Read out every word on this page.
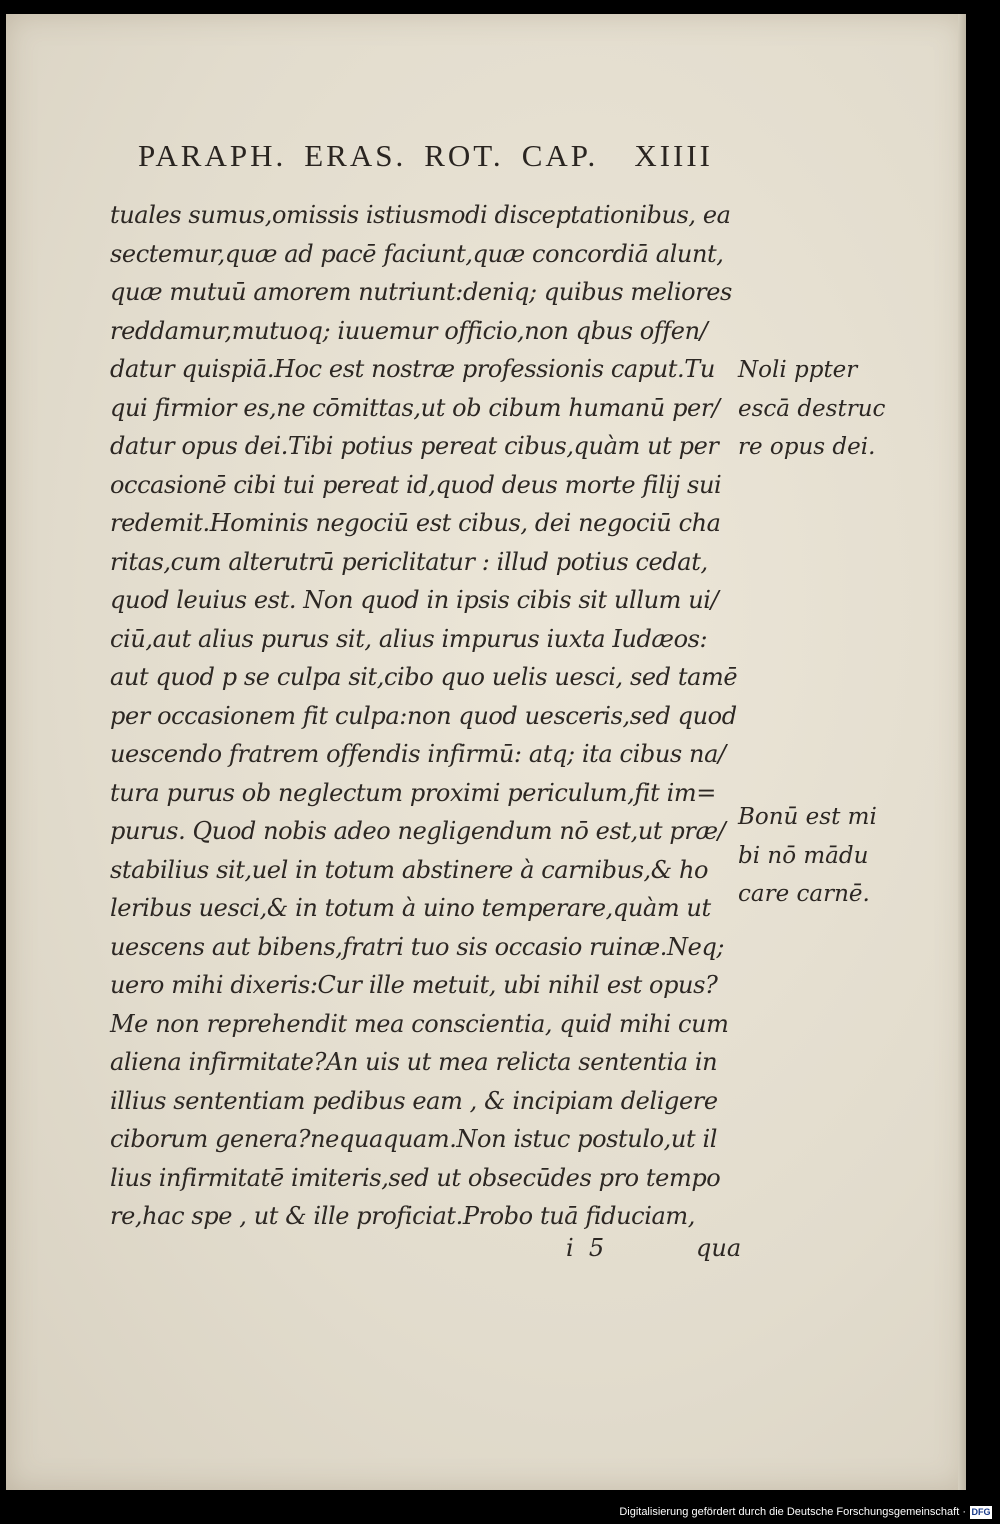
PARAPH. ERAS. ROT. CAP. XIIII
tuales sumus,omissis istiusmodi disceptationibus, ea
sectemur,quæ ad pacē faciunt,quæ concordiā alunt,
quæ mutuū amorem nutriunt:deniq; quibus meliores
reddamur,mutuoq; iuuemur officio,non qbus offen/
datur quispiā.Hoc est nostræ professionis caput.Tu
qui firmior es,ne cōmittas,ut ob cibum humanū per/
datur opus dei.Tibi potius pereat cibus,quàm ut per
occasionē cibi tui pereat id,quod deus morte filij sui
redemit.Hominis negociū est cibus, dei negociū cha
ritas,cum alterutrū periclitatur : illud potius cedat,
quod leuius est. Non quod in ipsis cibis sit ullum ui/
ciū,aut alius purus sit, alius impurus iuxta Iudæos:
aut quod p se culpa sit,cibo quo uelis uesci, sed tamē
per occasionem fit culpa:non quod uesceris,sed quod
uescendo fratrem offendis infirmū: atq; ita cibus na/
tura purus ob neglectum proximi periculum,fit im=
purus. Quod nobis adeo negligendum nō est,ut præ/
stabilius sit,uel in totum abstinere à carnibus,& ho
leribus uesci,& in totum à uino temperare,quàm ut
uescens aut bibens,fratri tuo sis occasio ruinæ.Neq;
uero mihi dixeris:Cur ille metuit, ubi nihil est opus?
Me non reprehendit mea conscientia, quid mihi cum
aliena infirmitate?An uis ut mea relicta sententia in
illius sententiam pedibus eam , & incipiam deligere
ciborum genera?nequaquam.Non istuc postulo,ut il
lius infirmitatē imiteris,sed ut obsecūdes pro tempo
re,hac spe , ut & ille proficiat.Probo tuā fiduciam,
Noli ppter
escā destruc
re opus dei.
Bonū est mi
bi nō mādu
care carnē.
i  5	qua
Digitalisierung gefördert durch die Deutsche Forschungsgemeinschaft · DFG
